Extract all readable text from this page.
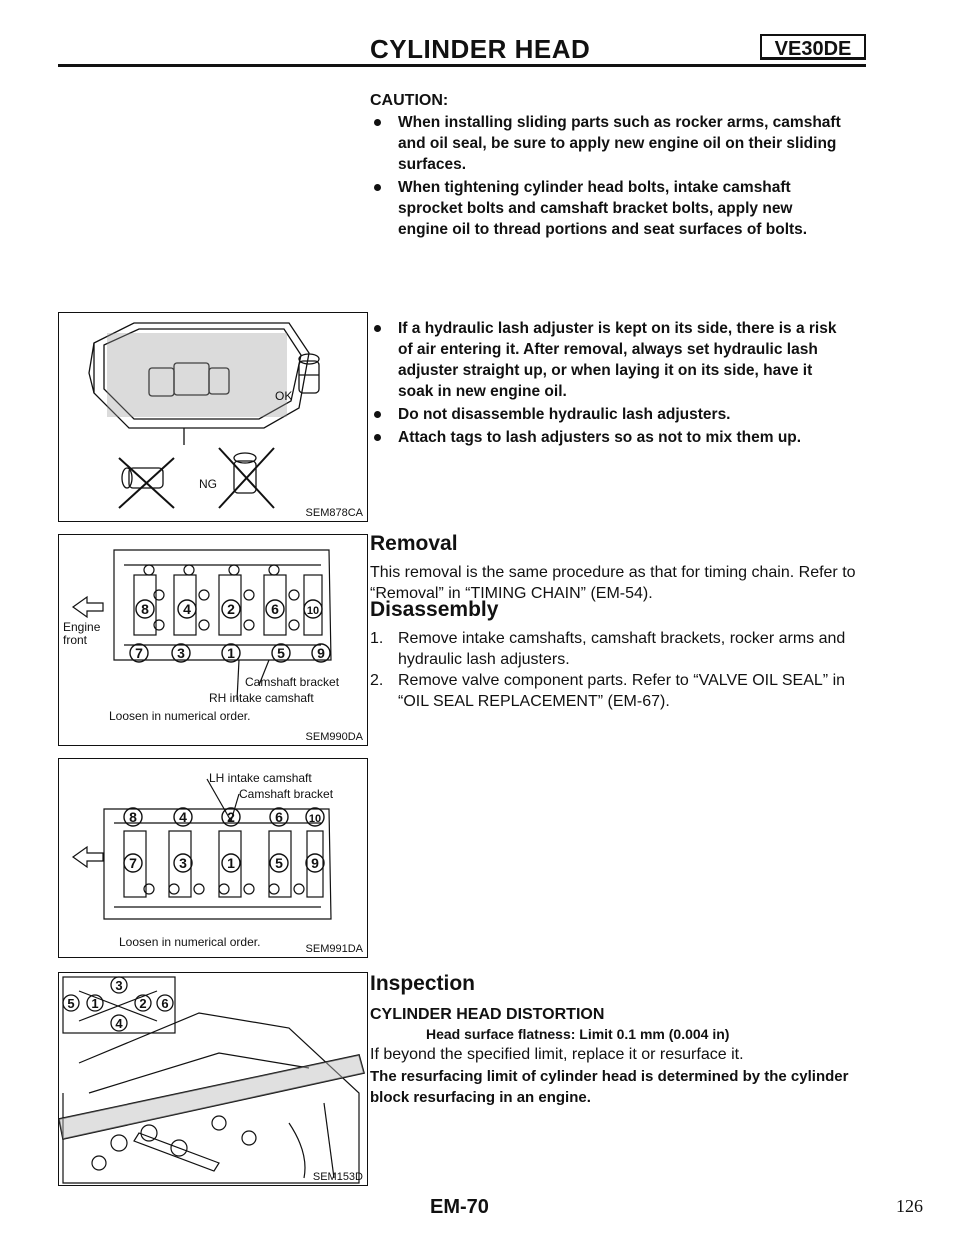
CYLINDER HEAD	VE30DE
CAUTION:
When installing sliding parts such as rocker arms, camshaft and oil seal, be sure to apply new engine oil on their sliding surfaces.
When tightening cylinder head bolts, intake camshaft sprocket bolts and camshaft bracket bolts, apply new engine oil to thread portions and seat surfaces of bolts.
OK
NG
SEM878CA
8 4	2	6	10
7 3	1	5 9
Engine front
Camshaft bracket
RH intake camshaft
Loosen in numerical order.
SEM990DA
8	4	2	6 10
7	3	1	5 9
LH intake camshaft
Camshaft bracket
Loosen in numerical order.	SEM991DA
3
1	2
5	6
4
SEM153D
If a hydraulic lash adjuster is kept on its side, there is a risk of air entering it. After removal, always set hydraulic lash adjuster straight up, or when laying it on its side, have it soak in new engine oil.
Do not disassemble hydraulic lash adjusters.
Attach tags to lash adjusters so as not to mix them up.
Removal
This removal is the same procedure as that for timing chain. Refer to “Removal” in “TIMING CHAIN” (EM-54).
Disassembly
1. Remove intake camshafts, camshaft brackets, rocker arms and hydraulic lash adjusters.
2. Remove valve component parts. Refer to “VALVE OIL SEAL” in “OIL SEAL REPLACEMENT” (EM-67).
Inspection
CYLINDER HEAD DISTORTION
Head surface flatness: Limit 0.1 mm (0.004 in)
If beyond the specified limit, replace it or resurface it.
The resurfacing limit of cylinder head is determined by the cylinder block resurfacing in an engine.
EM-70	126
